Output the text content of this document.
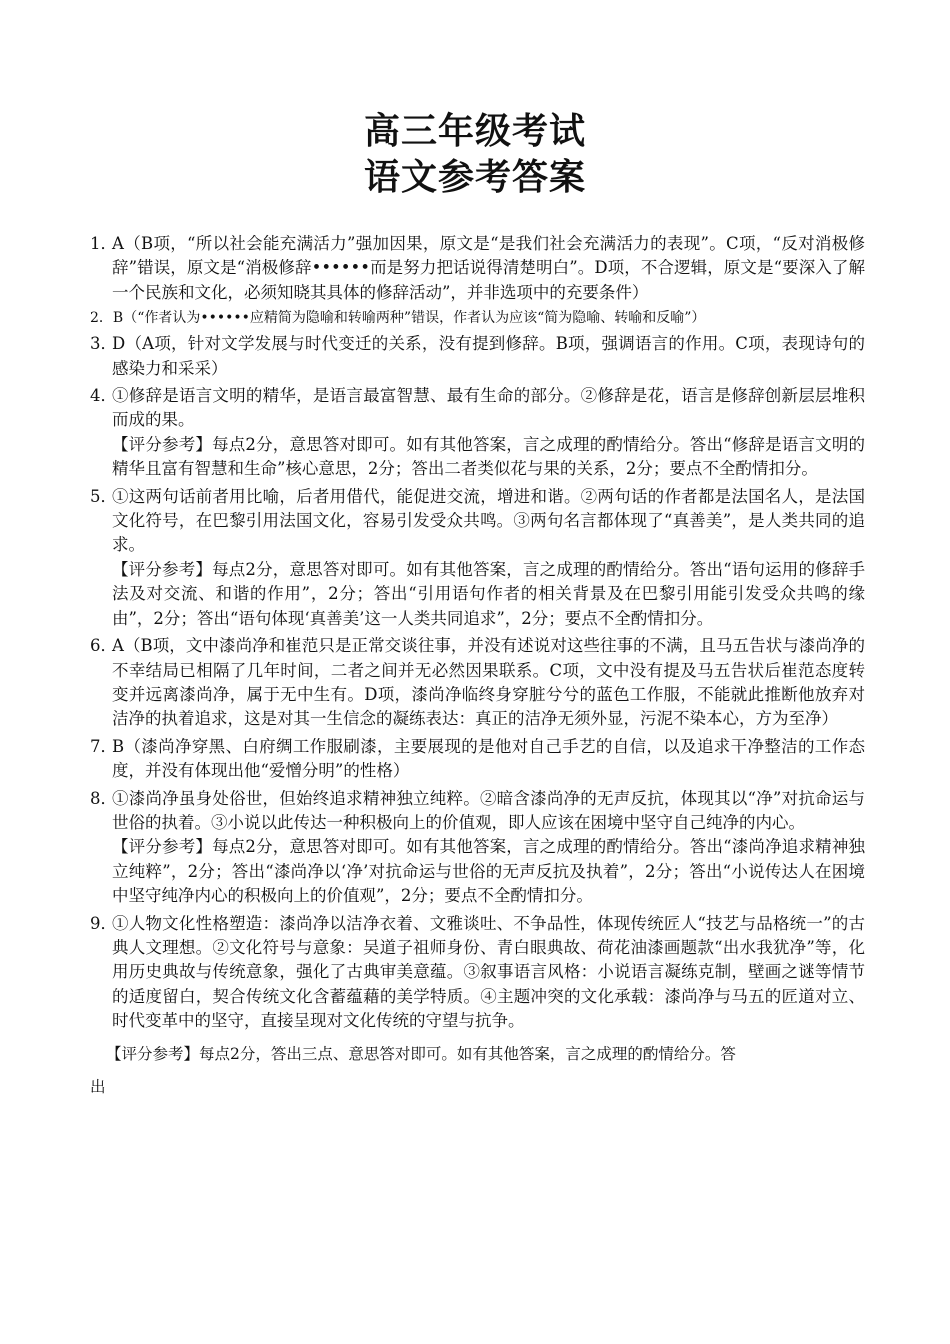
高三年级考试
语文参考答案
1．
A（B项，“所以社会能充满活力”强加因果，原文是“是我们社会充满活力的表现”。C项，“反对消极修辞”错误，原文是“消极修辞••••••而是努力把话说得清楚明白”。D项，不合逻辑，原文是“要深入了解一个民族和文化，必须知晓其具体的修辞活动”，并非选项中的充要条件）
2．B（“作者认为••••••应精简为隐喻和转喻两种”错误，作者认为应该“简为隐喻、转喻和反喻”）
3．
D（A项，针对文学发展与时代变迁的关系，没有提到修辞。B项，强调语言的作用。C项，表现诗句的感染力和采采）
4．

①修辞是语言文明的精华，是语言最富智慧、最有生命的部分。②修辞是花，语言是修辞创新层层堆积而成的果。

【评分参考】每点2分，意思答对即可。如有其他答案，言之成理的酌情给分。答出“修辞是语言文明的精华且富有智慧和生命”核心意思，2分；答出二者类似花与果的关系，2分；要点不全酌情扣分。

5．

①这两句话前者用比喻，后者用借代，能促进交流，增进和谐。②两句话的作者都是法国名人，是法国文化符号，在巴黎引用法国文化，容易引发受众共鸣。③两句名言都体现了“真善美”，是人类共同的追求。

【评分参考】每点2分，意思答对即可。如有其他答案，言之成理的酌情给分。答出“语句运用的修辞手法及对交流、和谐的作用”，2分；答出“引用语句作者的相关背景及在巴黎引用能引发受众共鸣的缘由”，2分；答出“语句体现‘真善美’这一人类共同追求”，2分；要点不全酌情扣分。

6．
A（B项，文中漆尚净和崔范只是正常交谈往事，并没有述说对这些往事的不满，且马五告状与漆尚净的不幸结局已相隔了几年时间，二者之间并无必然因果联系。C项，文中没有提及马五告状后崔范态度转变并远离漆尚净，属于无中生有。D项，漆尚净临终身穿脏兮兮的蓝色工作服，不能就此推断他放弃对洁净的执着追求，这是对其一生信念的凝练表达：真正的洁净无须外显，污泥不染本心，方为至净）
7．
B（漆尚净穿黑、白府绸工作服刷漆，主要展现的是他对自己手艺的自信，以及追求干净整洁的工作态度，并没有体现出他“爱憎分明”的性格）
8．

①漆尚净虽身处俗世，但始终追求精神独立纯粹。②暗含漆尚净的无声反抗，体现其以“净”对抗命运与世俗的执着。③小说以此传达一种积极向上的价值观，即人应该在困境中坚守自己纯净的内心。

【评分参考】每点2分，意思答对即可。如有其他答案，言之成理的酌情给分。答出“漆尚净追求精神独立纯粹”，2分；答出“漆尚净以‘净’对抗命运与世俗的无声反抗及执着”，2分；答出“小说传达人在困境中坚守纯净内心的积极向上的价值观”，2分；要点不全酌情扣分。

9．
①人物文化性格塑造：漆尚净以洁净衣着、文雅谈吐、不争品性，体现传统匠人“技艺与品格统一”的古典人文理想。②文化符号与意象：吴道子祖师身份、青白眼典故、荷花油漆画题款“出水我犹净”等，化用历史典故与传统意象，强化了古典审美意蕴。③叙事语言风格：小说语言凝练克制，壁画之谜等情节的适度留白，契合传统文化含蓄蕴藉的美学特质。④主题冲突的文化承载：漆尚净与马五的匠道对立、时代变革中的坚守，直接呈现对文化传统的守望与抗争。
【评分参考】每点2分，答出三点、意思答对即可。如有其他答案，言之成理的酌情给分。答
出
